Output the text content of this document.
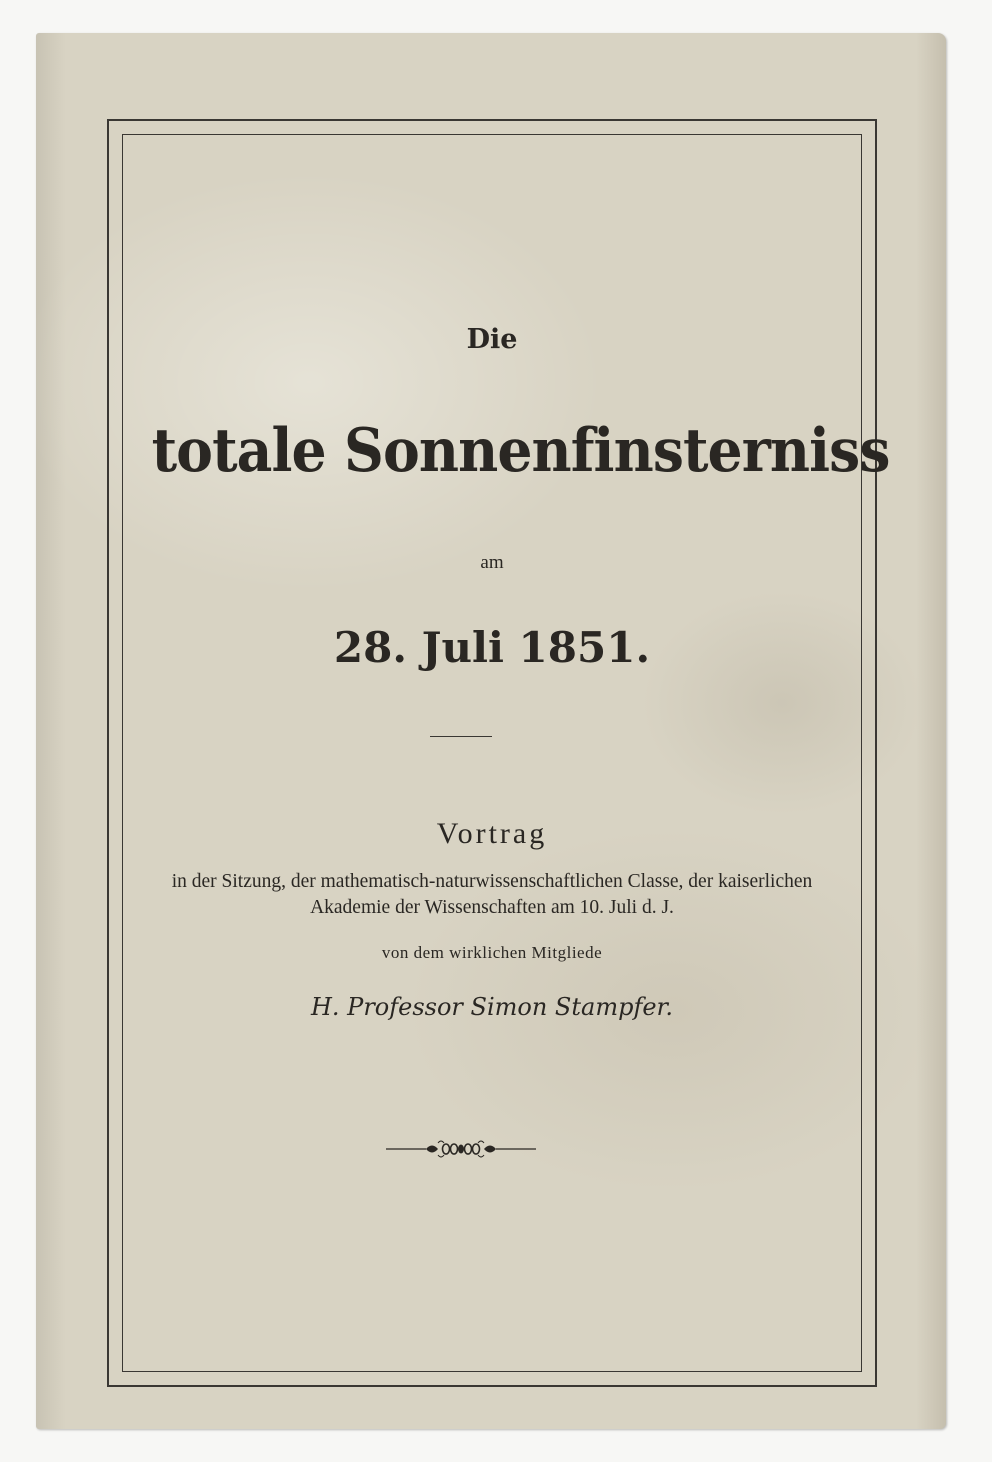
Die
totale Sonnenfinsterniss
am
28. Juli 1851.
Vortrag
in der Sitzung, der mathematisch-naturwissenschaftlichen Classe, der kaiserlichen
Akademie der Wissenschaften am 10. Juli d. J.
von dem wirklichen Mitgliede
H. Professor Simon Stampfer.
